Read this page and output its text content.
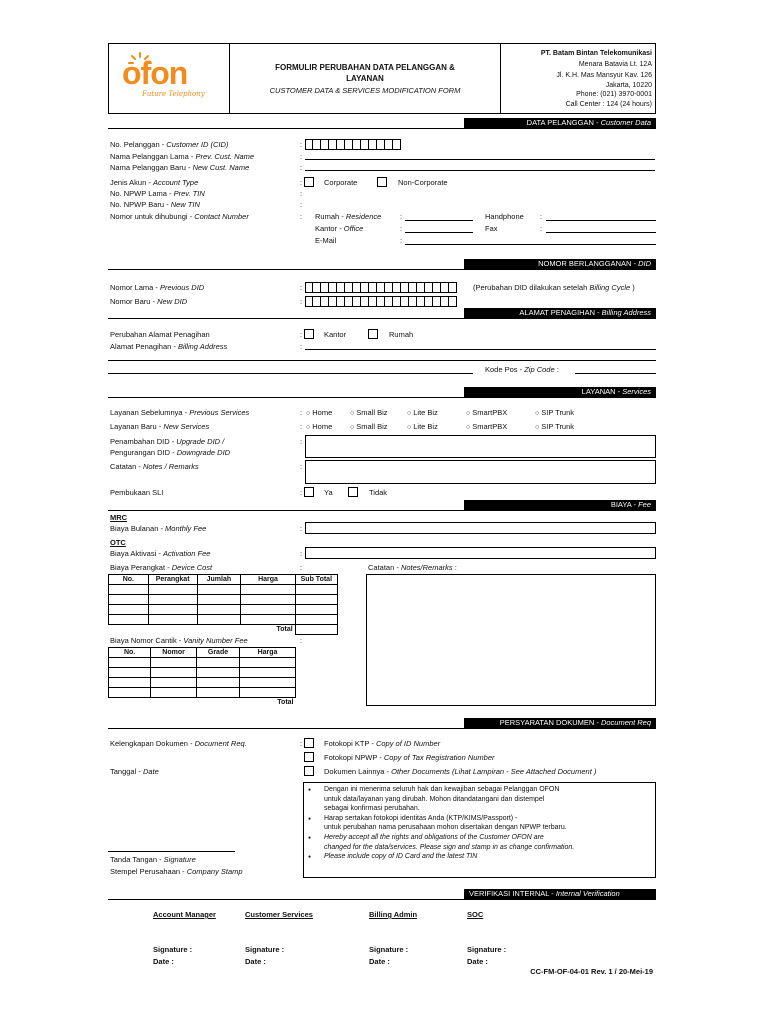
ofon
Future Telephony
FORMULIR PERUBAHAN DATA PELANGGAN &
LAYANAN
CUSTOMER DATA & SERVICES MODIFICATION FORM
PT. Batam Bintan Telekomunikasi
Menara Batavia Lt. 12A
Jl. K.H. Mas Mansyur Kav. 126
Jakarta, 10220
Phone: (021) 3970-0001
Call Center : 124 (24 hours)
DATA PELANGGAN - Customer Data
No. Pelanggan - Customer ID (CID)	:
Nama Pelanggan Lama - Prev. Cust. Name	:
Nama Pelanggan Baru - New Cust. Name	:
Jenis Akun - Account Type	:	Corporate	Non-Corporate
No. NPWP Lama - Prev. TIN	:
No. NPWP Baru - New TIN	:
Nomor untuk dihubungi - Contact Number	: Rumah - Residence :	Handphone :
Kantor - Office	:	Fax	:
E-Mail	:
NOMOR BERLANGGANAN - DID
Nomor Lama - Previous DID	:	(Perubahan DID dilakukan setelah Billing Cycle )
Nomor Baru - New DID	:
ALAMAT PENAGIHAN - Billing Address
Perubahan Alamat Penagihan	:	Kantor	Rumah
Alamat Penagihan - Billing Address	:
Kode Pos - Zip Code :
LAYANAN - Services
Layanan Sebelumnya - Previous Services	:	○ Home	○ Small Biz	○ Lite Biz	○ SmartPBX	○ SIP Trunk
Layanan Baru - New Services	:	○ Home	○ Small Biz	○ Lite Biz	○ SmartPBX	○ SIP Trunk
Penambahan DID - Upgrade DID /
Pengurangan DID - Downgrade DID
:
Catatan - Notes / Remarks	:
Pembukaan SLI	:	Ya	Tidak
BIAYA - Fee
MRC
Biaya Bulanan - Monthly Fee	:
OTC
Biaya Aktivasi - Activation Fee	:
Biaya Perangkat - Device Cost	:	Catatan - Notes/Remarks :
No.	Perangkat	Jumlah	Harga	Sub Total

			Total	
Biaya Nomor Cantik - Vanity Number Fee	:
No.	Nomor	Grade	Harga

			Total
PERSYARATAN DOKUMEN - Document Req
Kelengkapan Dokumen - Document Req.	:	Fotokopi KTP - Copy of ID Number
Fotokopi NPWP - Copy of Tax Registration Number
Dokumen Lainnya - Other Documents (Lihat Lampiran - See Attached Document )
Tanggal - Date
● Dengan ini menerima seluruh hak dan kewajiban sebagai Pelanggan OFON
untuk data/layanan yang dirubah. Mohon ditandatangani dan distempel
sebagai konfirmasi perubahan.
● Harap sertakan fotokopi identitas Anda (KTP/KIMS/Passport) -
untuk perubahan nama perusahaan mohon disertakan dengan NPWP terbaru.
● Hereby accept all the rights and obligations of the Customer OFON are
changed for the data/services. Please sign and stamp in as change confirmation.
● Please include copy of ID Card and the latest TIN
Tanda Tangan - Signature
Stempel Perusahaan - Company Stamp
VERIFIKASI INTERNAL - Internal Verification
Account Manager	Customer Services	Billing Admin	SOC
Signature :	Signature :	Signature :	Signature :
Date :	Date :	Date :	Date :
CC-FM-OF-04-01 Rev. 1 / 20-Mei-19
